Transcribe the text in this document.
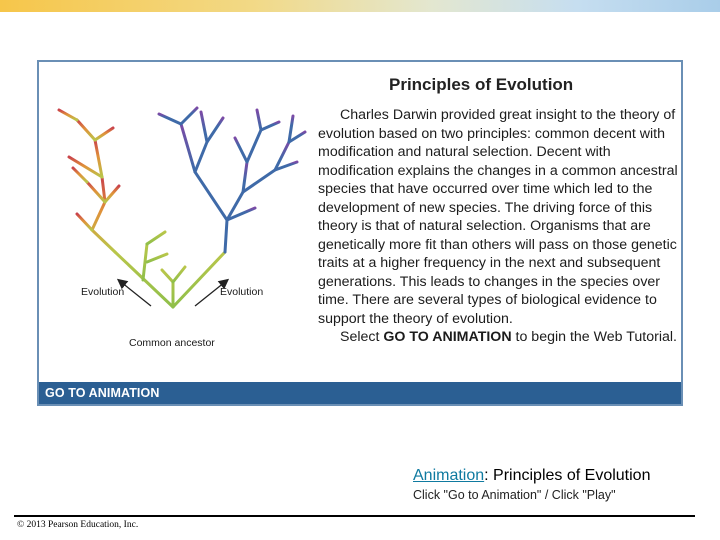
Evolution	Evolution
Common ancestor
Principles of Evolution

Charles Darwin provided great insight to the theory of evolution based on two principles: common decent with modification and natural selection. Decent with modification explains the changes in a common ancestral species that have occurred over time which led to the development of new species. The driving force of this theory is that of natural selection. Organisms that are genetically more fit than others will pass on those genetic traits at a higher frequency in the next and subsequent generations. This leads to changes in the species over time. There are several types of biological evidence to support the theory of evolution.

Select GO TO ANIMATION to begin the Web Tutorial.

GO TO ANIMATION
Animation: Principles of Evolution
Click "Go to Animation" / Click "Play"
© 2013 Pearson Education, Inc.
